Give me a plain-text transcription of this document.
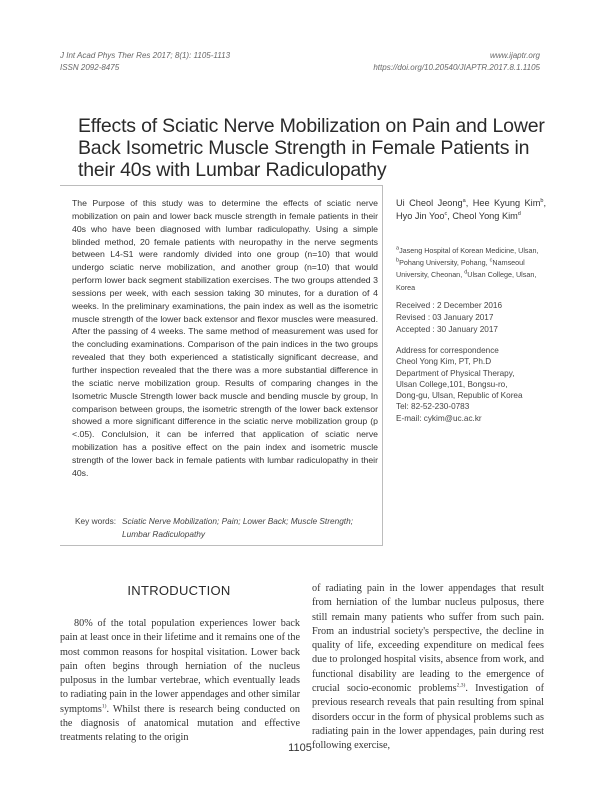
J Int Acad Phys Ther Res 2017; 8(1): 1105-1113
ISSN 2092-8475
www.ijaptr.org
https://doi.org/10.20540/JIAPTR.2017.8.1.1105
Effects of Sciatic Nerve Mobilization on Pain and Lower Back Isometric Muscle Strength in Female Patients in their 40s with Lumbar Radiculopathy
The Purpose of this study was to determine the effects of sciatic nerve mobilization on pain and lower back muscle strength in female patients in their 40s who have been diagnosed with lumbar radiculopathy. Using a simple blinded method, 20 female patients with neuropathy in the nerve segments between L4-S1 were randomly divided into one group (n=10) that would undergo sciatic nerve mobilization, and another group (n=10) that would perform lower back segment stabilization exercises. The two groups attended 3 sessions per week, with each session taking 30 minutes, for a duration of 4 weeks. In the preliminary examinations, the pain index as well as the isometric muscle strength of the lower back extensor and flexor muscles were measured. After the passing of 4 weeks. The same method of measurement was used for the concluding examinations. Comparison of the pain indices in the two groups revealed that they both experienced a statistically significant decrease, and further inspection revealed that the there was a more substantial difference in the sciatic nerve mobilization group. Results of comparing changes in the Isometric Muscle Strength lower back muscle and bending muscle by group, In comparison between groups, the isometric strength of the lower back extensor showed a more significant difference in the sciatic nerve mobilization group (p <.05). Conclulsion, it can be inferred that application of sciatic nerve mobilization has a positive effect on the pain index and isometric muscle strength of the lower back in female patients with lumbar radiculopathy in their 40s.
Ui Cheol Jeong$^a$, Hee Kyung Kim$^b$, Hyo Jin Yoo$^c$, Cheol Yong Kim$^d$
$^a$Jaseng Hospital of Korean Medicine, Ulsan, $^b$Pohang University, Pohang, $^c$Namseoul University, Cheonan, $^d$Ulsan College, Ulsan, Korea
Received : 2 December 2016
Revised : 03 January 2017
Accepted : 30 January 2017
Address for correspondence
Cheol Yong Kim, PT, Ph.D
Department of Physical Therapy,
Ulsan College,101, Bongsu-ro,
Dong-gu, Ulsan, Republic of Korea
Tel: 82-52-230-0783
E-mail: cykim@uc.ac.kr
Key words: Sciatic Nerve Mobilization; Pain; Lower Back; Muscle Strength; Lumbar Radiculopathy
INTRODUCTION
80% of the total population experiences lower back pain at least once in their lifetime and it remains one of the most common reasons for hospital visitation. Lower back pain often begins through herniation of the nucleus pulposus in the lumbar vertebrae, which eventually leads to radiating pain in the lower appendages and other similar symptoms$^{1)}$. Whilst there is research being conducted on the diagnosis of anatomical mutation and effective treatments relating to the origin
of radiating pain in the lower appendages that result from herniation of the lumbar nucleus pulposus, there still remain many patients who suffer from such pain. From an industrial society's perspective, the decline in quality of life, exceeding expenditure on medical fees due to prolonged hospital visits, absence from work, and functional disability are leading to the emergence of crucial socio-economic problems$^{2,3)}$. Investigation of previous research reveals that pain resulting from spinal disorders occur in the form of physical problems such as radiating pain in the lower appendages, pain during rest following exercise,
1105
